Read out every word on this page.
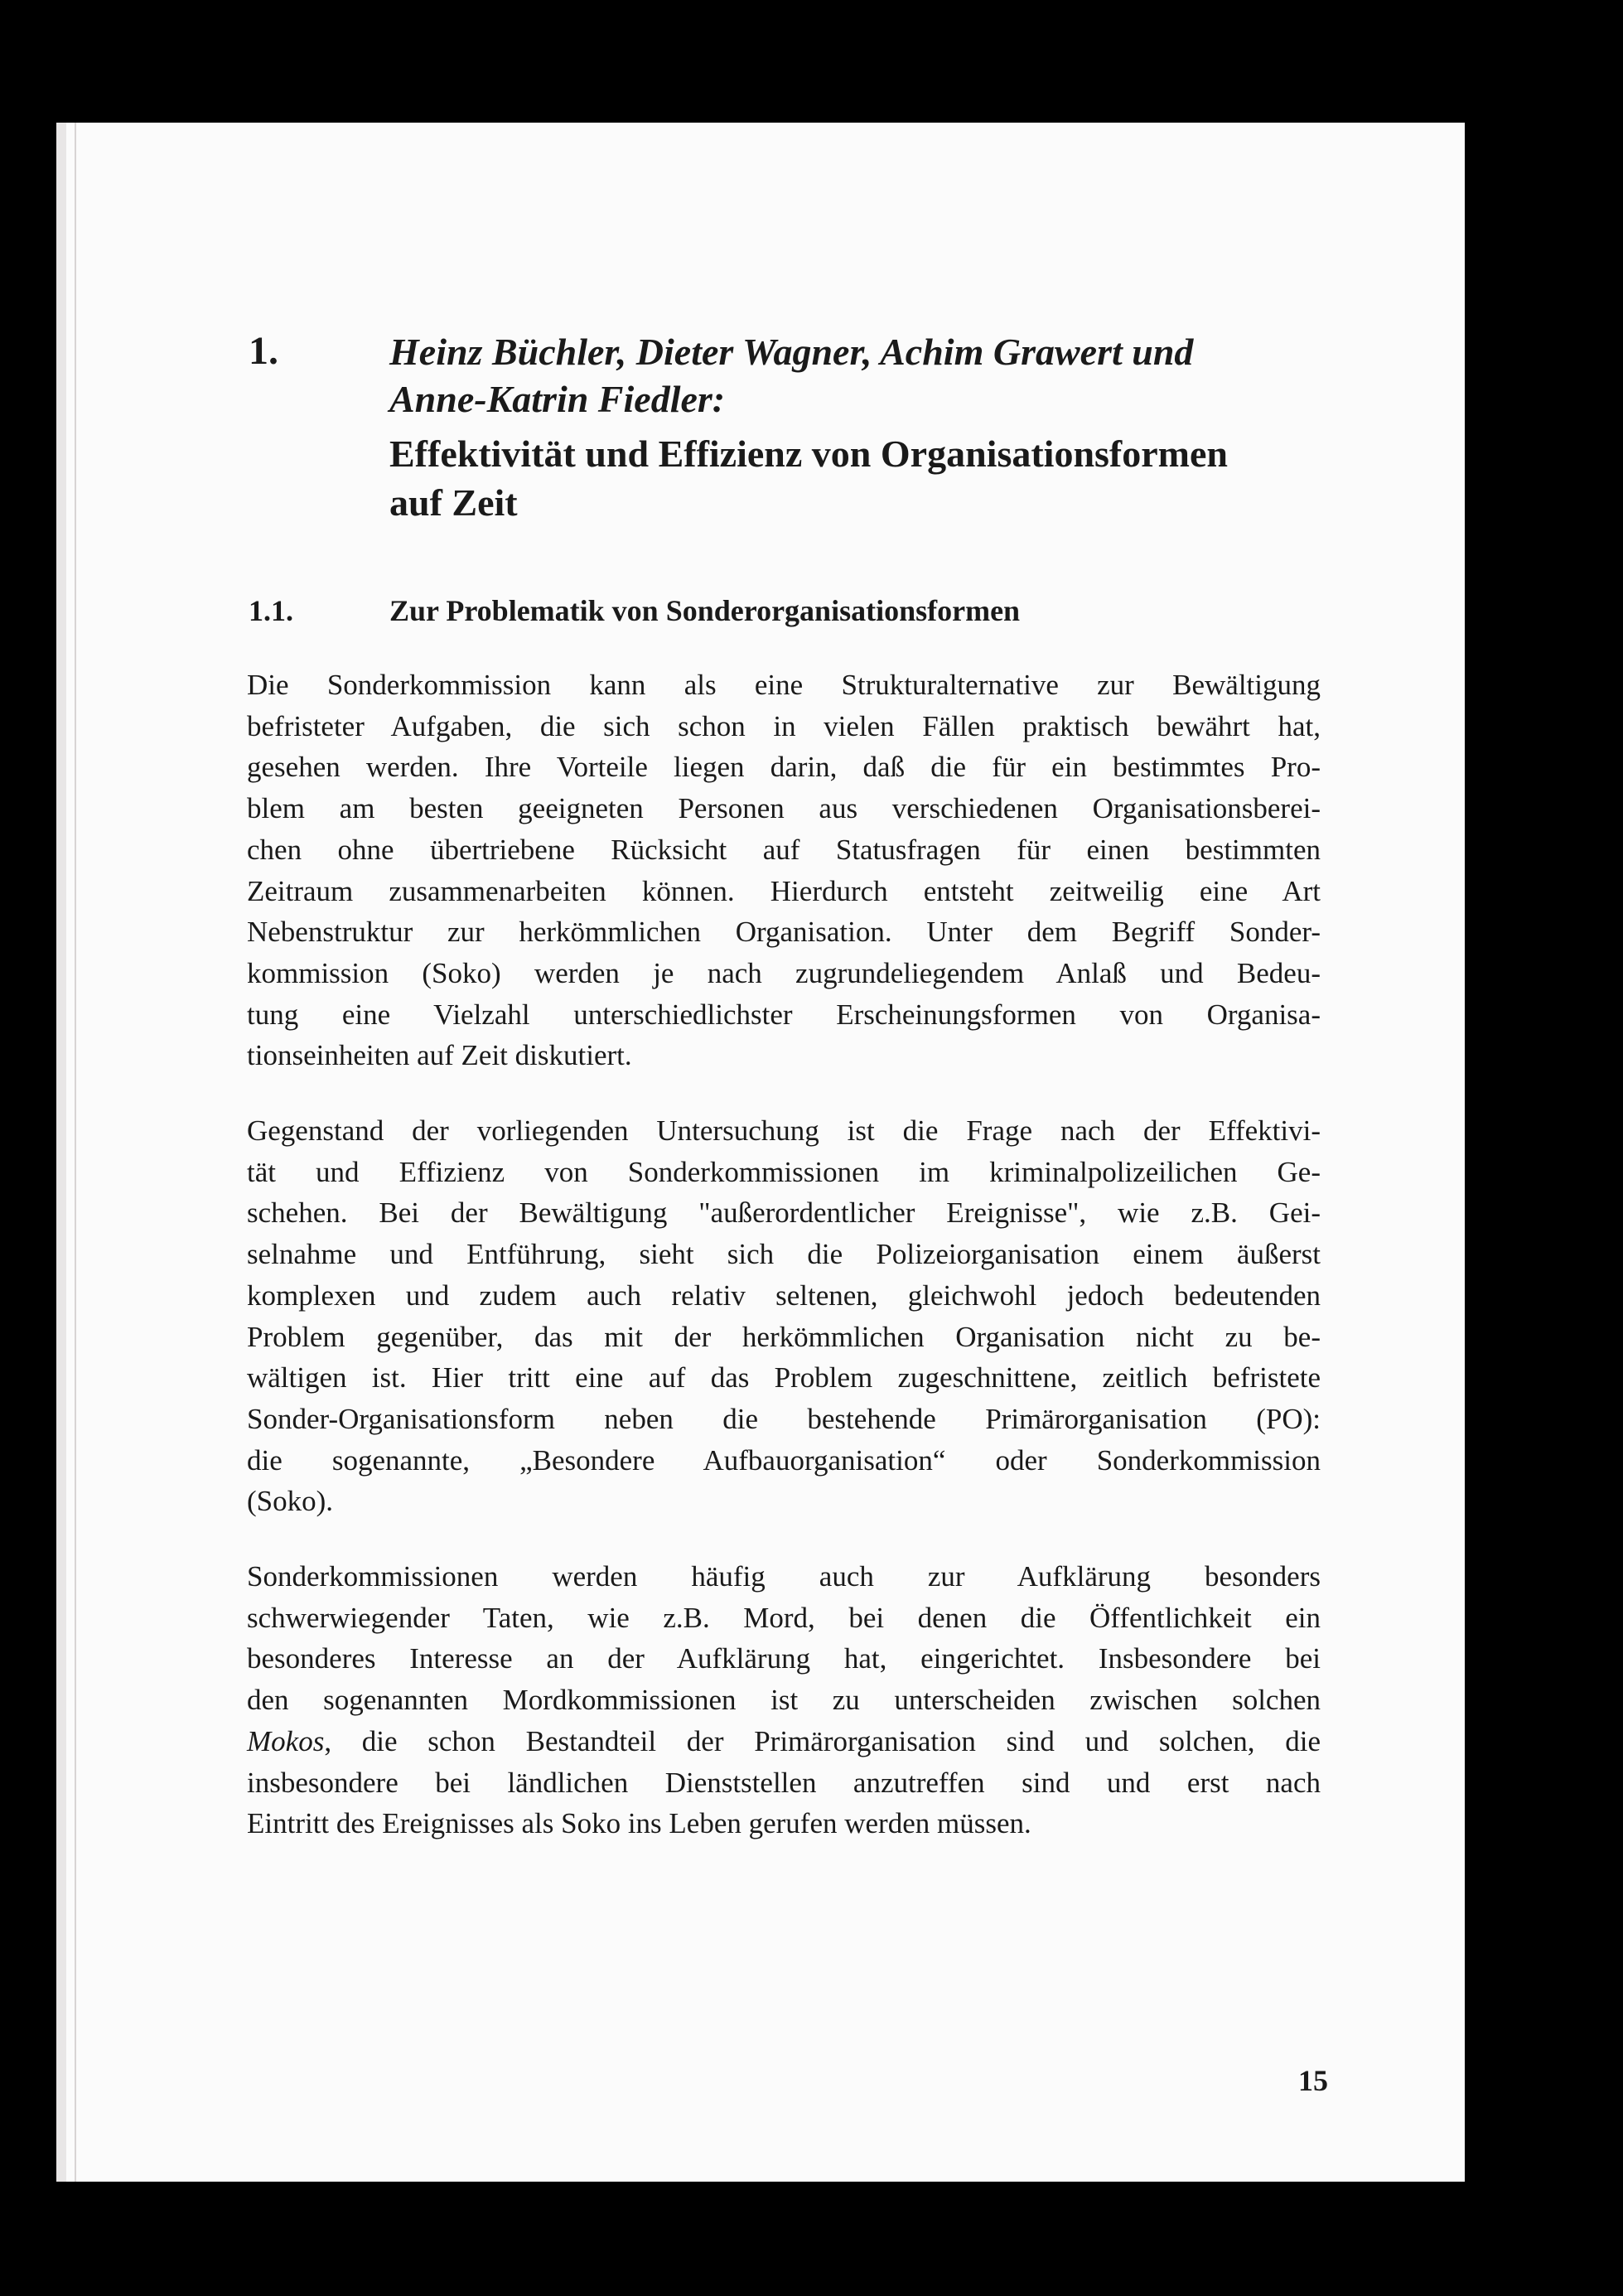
1.	Heinz Büchler, Dieter Wagner, Achim Grawert und
Anne-Katrin Fiedler:
Effektivität und Effizienz von Organisationsformen
auf Zeit
1.1.	Zur Problematik von Sonderorganisationsformen

Die Sonderkommission kann als eine Strukturalternative zur Bewältigung
befristeter Aufgaben, die sich schon in vielen Fällen praktisch bewährt hat,
gesehen werden. Ihre Vorteile liegen darin, daß die für ein bestimmtes Pro-
blem am besten geeigneten Personen aus verschiedenen Organisationsberei-
chen ohne übertriebene Rücksicht auf Statusfragen für einen bestimmten
Zeitraum zusammenarbeiten können. Hierdurch entsteht zeitweilig eine Art
Nebenstruktur zur herkömmlichen Organisation. Unter dem Begriff Sonder-
kommission (Soko) werden je nach zugrundeliegendem Anlaß und Bedeu-
tung eine Vielzahl unterschiedlichster Erscheinungsformen von Organisa-
tionseinheiten auf Zeit diskutiert.

Gegenstand der vorliegenden Untersuchung ist die Frage nach der Effektivi-
tät und Effizienz von Sonderkommissionen im kriminalpolizeilichen Ge-
schehen. Bei der Bewältigung "außerordentlicher Ereignisse", wie z.B. Gei-
selnahme und Entführung, sieht sich die Polizeiorganisation einem äußerst
komplexen und zudem auch relativ seltenen, gleichwohl jedoch bedeutenden
Problem gegenüber, das mit der herkömmlichen Organisation nicht zu be-
wältigen ist. Hier tritt eine auf das Problem zugeschnittene, zeitlich befristete
Sonder-Organisationsform neben die bestehende Primärorganisation (PO):
die sogenannte, „Besondere Aufbauorganisation“ oder Sonderkommission
(Soko).

Sonderkommissionen werden häufig auch zur Aufklärung besonders
schwerwiegender Taten, wie z.B. Mord, bei denen die Öffentlichkeit ein
besonderes Interesse an der Aufklärung hat, eingerichtet. Insbesondere bei
den sogenannten Mordkommissionen ist zu unterscheiden zwischen solchen
Mokos, die schon Bestandteil der Primärorganisation sind und solchen, die
insbesondere bei ländlichen Dienststellen anzutreffen sind und erst nach
Eintritt des Ereignisses als Soko ins Leben gerufen werden müssen.

15
